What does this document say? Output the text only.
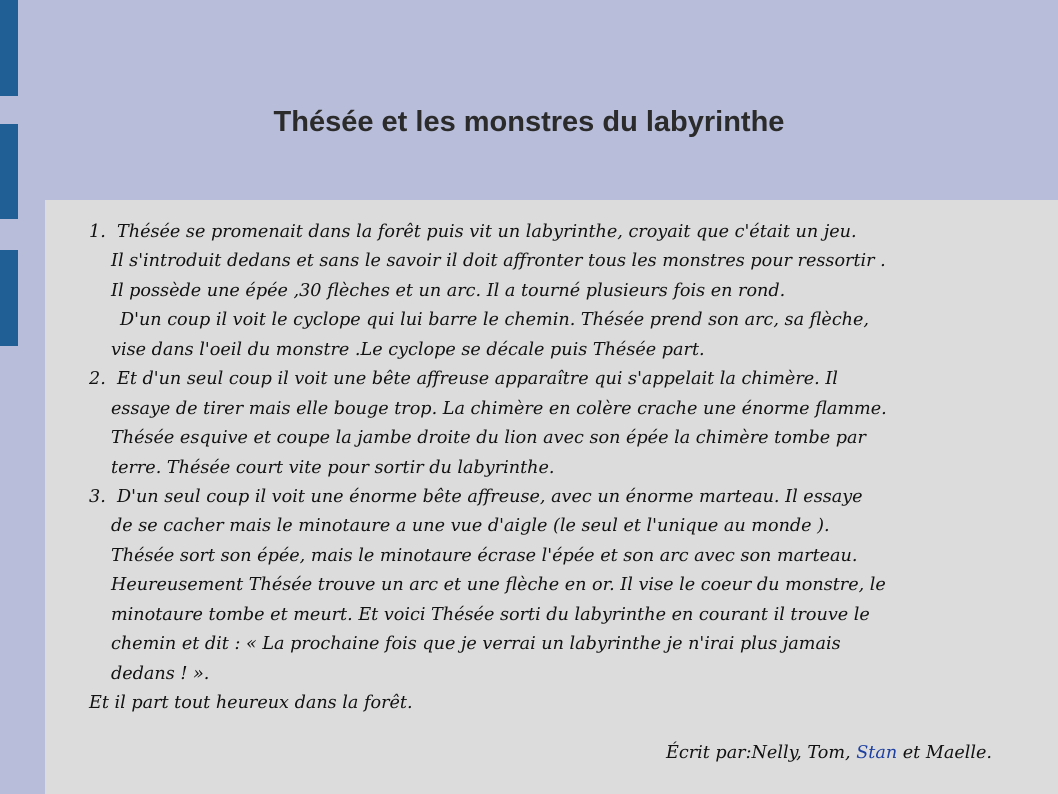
Thésée et les monstres du labyrinthe
1. Thésée se promenait dans la forêt puis vit un labyrinthe, croyait que c'était un jeu.
Il s'introduit dedans et sans le savoir il doit affronter tous les monstres pour ressortir .
Il possède une épée ,30 flèches et un arc. Il a tourné plusieurs fois en rond.
D'un coup il voit le cyclope qui lui barre le chemin. Thésée prend son arc, sa flèche,
vise dans l'oeil du monstre .Le cyclope se décale puis Thésée part.
2. Et d'un seul coup il voit une bête affreuse apparaître qui s'appelait la chimère. Il
essaye de tirer mais elle bouge trop. La chimère en colère crache une énorme flamme.
Thésée esquive et coupe la jambe droite du lion avec son épée la chimère tombe par
terre. Thésée court vite pour sortir du labyrinthe.
3. D'un seul coup il voit une énorme bête affreuse, avec un énorme marteau. Il essaye
de se cacher mais le minotaure a une vue d'aigle (le seul et l'unique au monde ).
Thésée sort son épée, mais le minotaure écrase l'épée et son arc avec son marteau.
Heureusement Thésée trouve un arc et une flèche en or. Il vise le coeur du monstre, le
minotaure tombe et meurt. Et voici Thésée sorti du labyrinthe en courant il trouve le
chemin et dit : « La prochaine fois que je verrai un labyrinthe je n'irai plus jamais
dedans ! ».
Et il part tout heureux dans la forêt.
Écrit par:Nelly, Tom, Stan et Maelle.
